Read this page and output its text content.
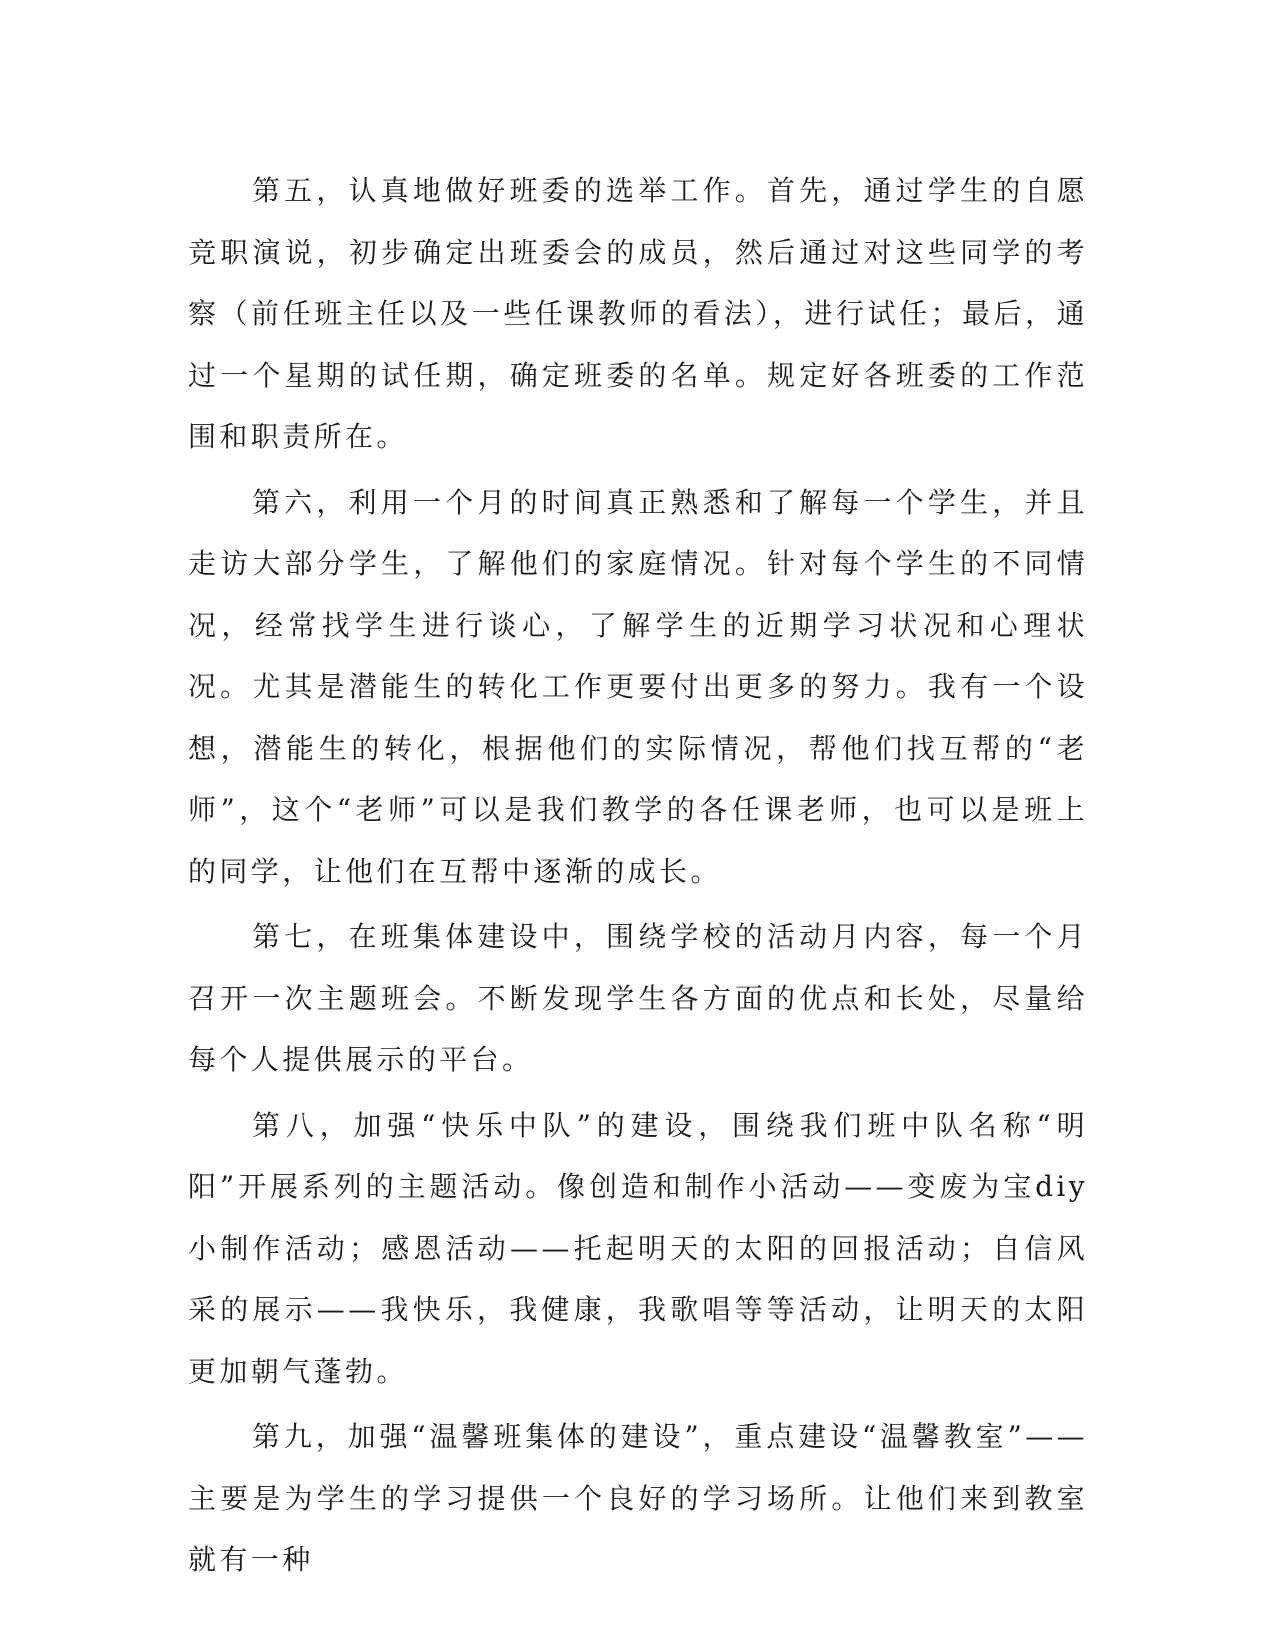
第五，认真地做好班委的选举工作。首先，通过学生的自愿竞职演说，初步确定出班委会的成员，然后通过对这些同学的考察（前任班主任以及一些任课教师的看法），进行试任；最后，通过一个星期的试任期，确定班委的名单。规定好各班委的工作范围和职责所在。

第六，利用一个月的时间真正熟悉和了解每一个学生，并且走访大部分学生，了解他们的家庭情况。针对每个学生的不同情况，经常找学生进行谈心，了解学生的近期学习状况和心理状况。尤其是潜能生的转化工作更要付出更多的努力。我有一个设想，潜能生的转化，根据他们的实际情况，帮他们找互帮的“老师”，这个“老师”可以是我们教学的各任课老师，也可以是班上的同学，让他们在互帮中逐渐的成长。

第七，在班集体建设中，围绕学校的活动月内容，每一个月召开一次主题班会。不断发现学生各方面的优点和长处，尽量给每个人提供展示的平台。

第八，加强“快乐中队”的建设，围绕我们班中队名称“明阳”开展系列的主题活动。像创造和制作小活动——变废为宝diy小制作活动；感恩活动——托起明天的太阳的回报活动；自信风采的展示——我快乐，我健康，我歌唱等等活动，让明天的太阳更加朝气蓬勃。

第九，加强“温馨班集体的建设”，重点建设“温馨教室”——主要是为学生的学习提供一个良好的学习场所。让他们来到教室就有一种
